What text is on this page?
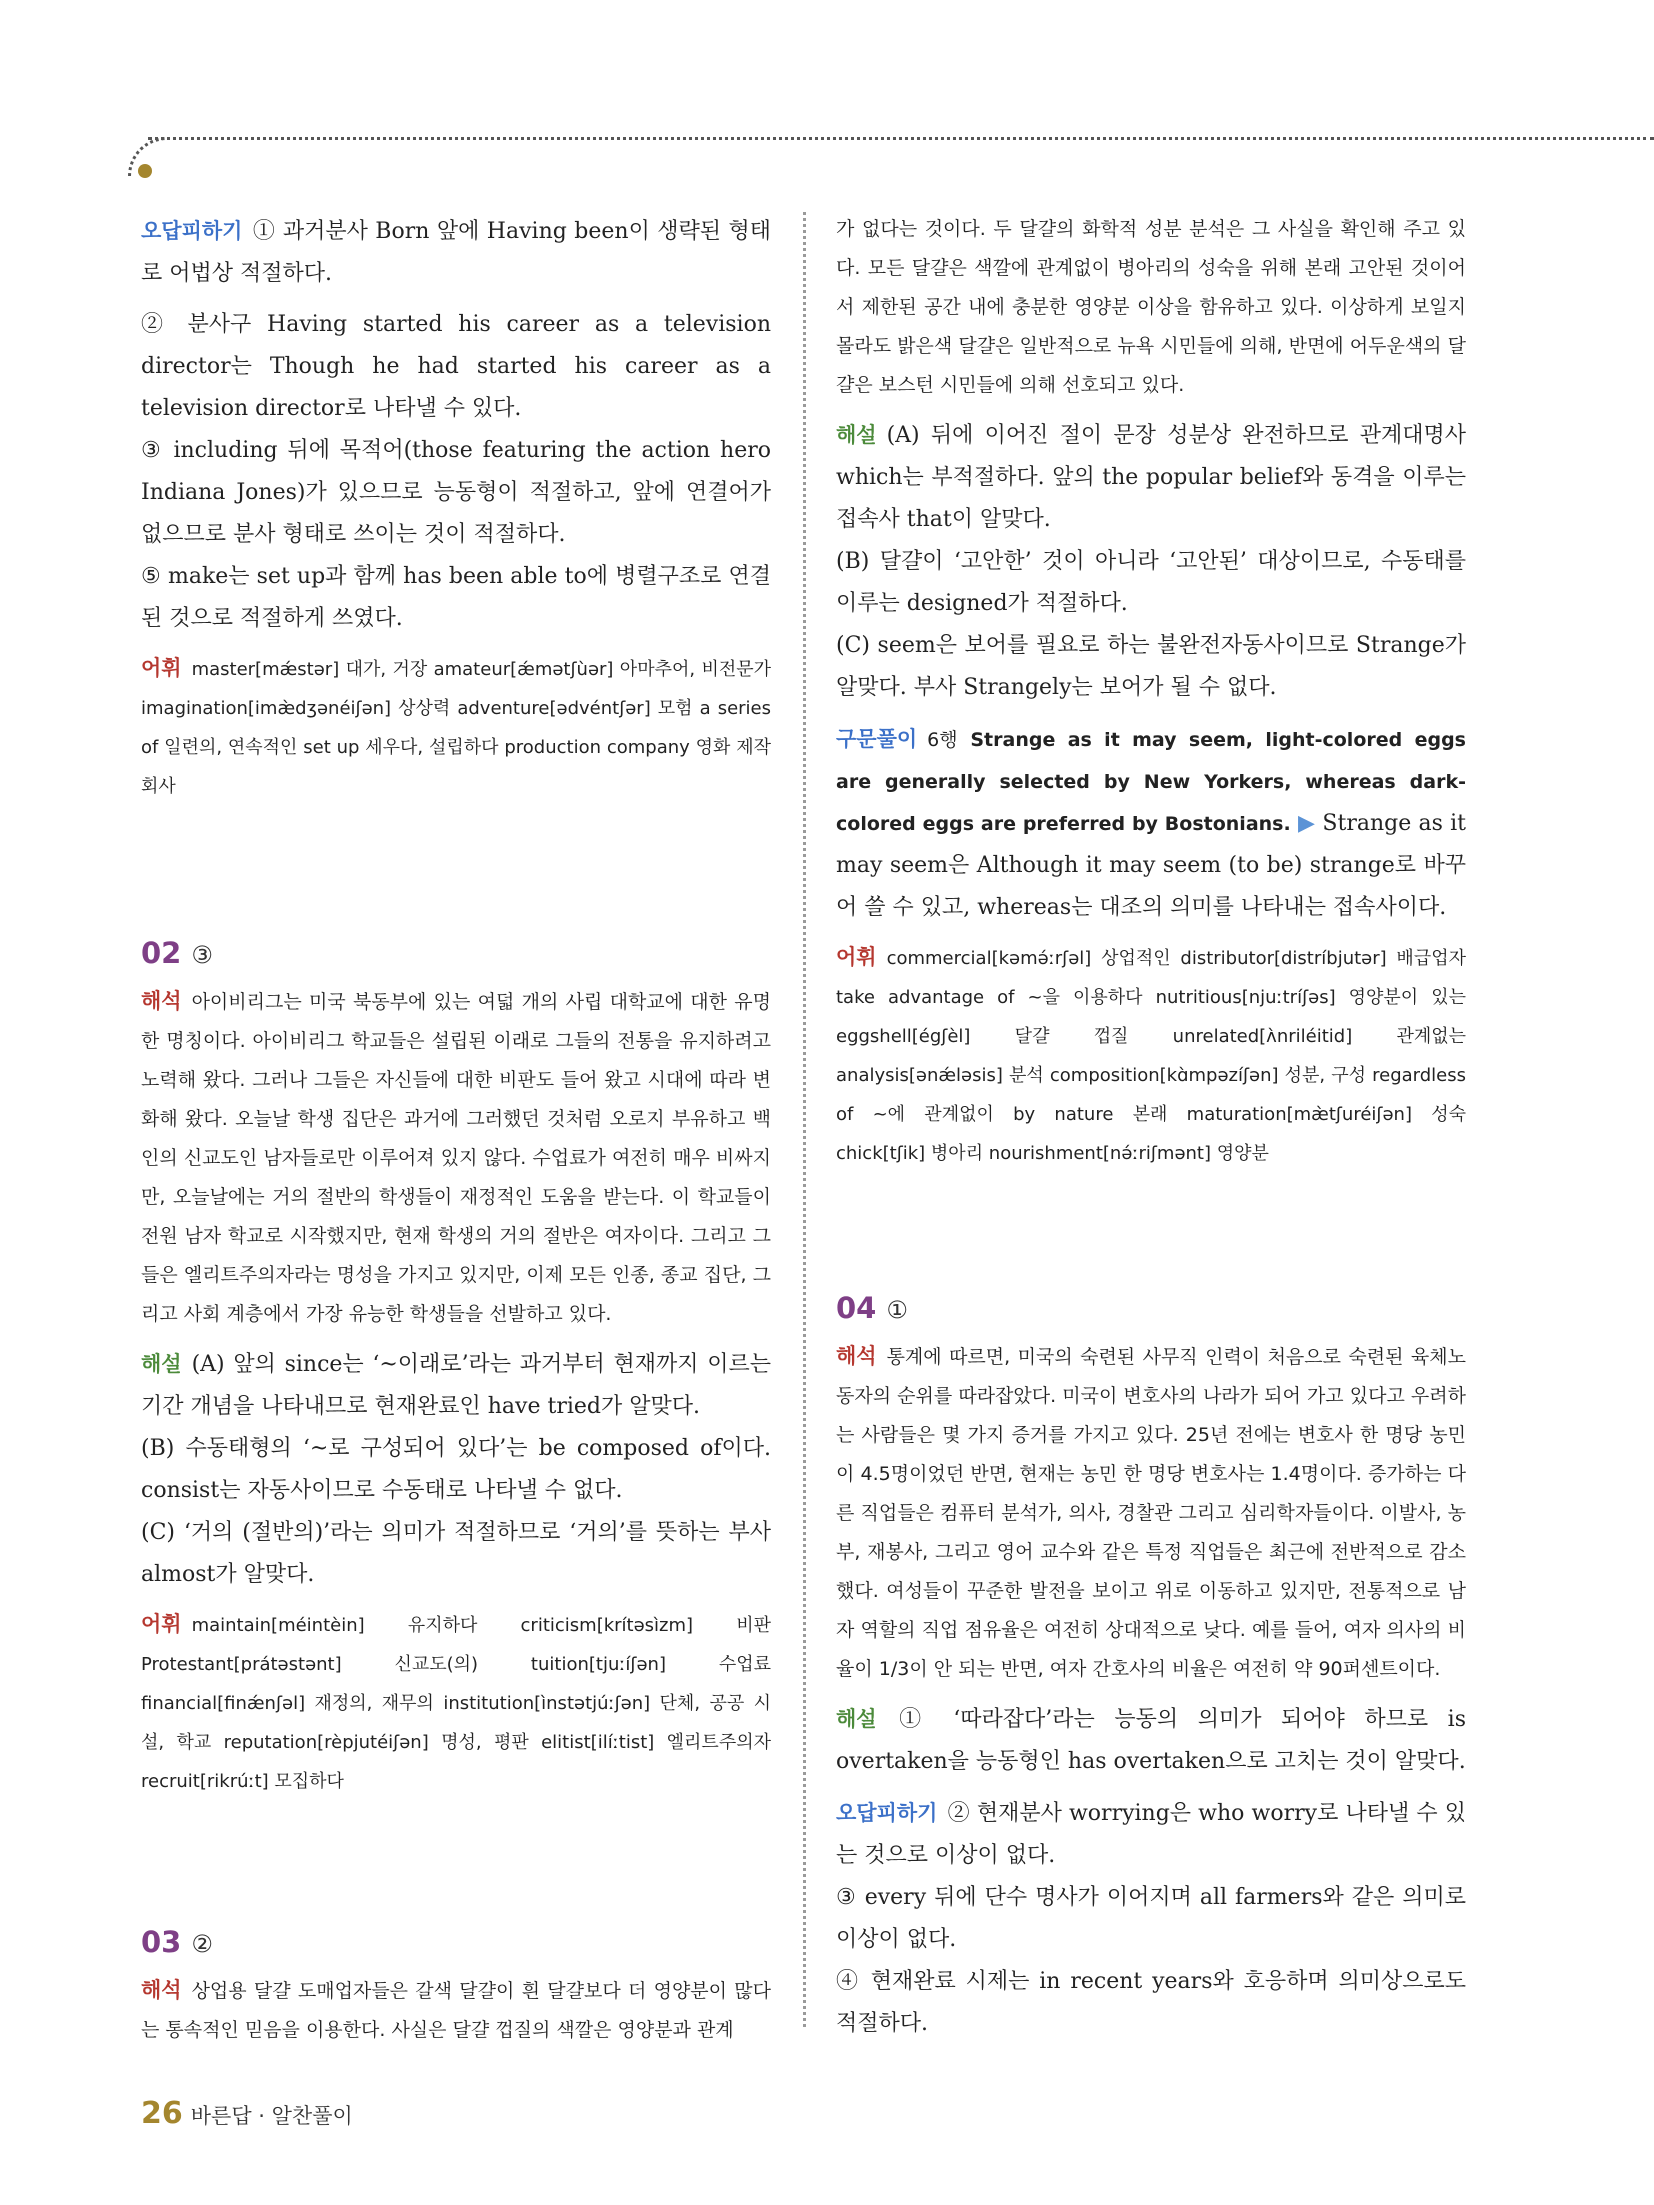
오답피하기 ① 과거분사 Born 앞에 Having been이 생략된 형태로 어법상 적절하다.

② 분사구 Having started his career as a television director는 Though he had started his career as a television director로 나타낼 수 있다.

③ including 뒤에 목적어(those featuring the action hero Indiana Jones)가 있으므로 능동형이 적절하고, 앞에 연결어가 없으므로 분사 형태로 쓰이는 것이 적절하다.

⑤ make는 set up과 함께 has been able to에 병렬구조로 연결된 것으로 적절하게 쓰였다.

어휘 master[mǽstər] 대가, 거장 amateur[ǽmətʃùər] 아마추어, 비전문가 imagination[imæ̀dʒənéiʃən] 상상력 adventure[ədvéntʃər] 모험 a series of 일련의, 연속적인 set up 세우다, 설립하다 production company 영화 제작 회사

02 ③

해석 아이비리그는 미국 북동부에 있는 여덟 개의 사립 대학교에 대한 유명한 명칭이다. 아이비리그 학교들은 설립된 이래로 그들의 전통을 유지하려고 노력해 왔다. 그러나 그들은 자신들에 대한 비판도 들어 왔고 시대에 따라 변화해 왔다. 오늘날 학생 집단은 과거에 그러했던 것처럼 오로지 부유하고 백인의 신교도인 남자들로만 이루어져 있지 않다. 수업료가 여전히 매우 비싸지만, 오늘날에는 거의 절반의 학생들이 재정적인 도움을 받는다. 이 학교들이 전원 남자 학교로 시작했지만, 현재 학생의 거의 절반은 여자이다. 그리고 그들은 엘리트주의자라는 명성을 가지고 있지만, 이제 모든 인종, 종교 집단, 그리고 사회 계층에서 가장 유능한 학생들을 선발하고 있다.

해설 (A) 앞의 since는 ‘~이래로’라는 과거부터 현재까지 이르는 기간 개념을 나타내므로 현재완료인 have tried가 알맞다.

(B) 수동태형의 ‘~로 구성되어 있다’는 be composed of이다. consist는 자동사이므로 수동태로 나타낼 수 없다.

(C) ‘거의 (절반의)’라는 의미가 적절하므로 ‘거의’를 뜻하는 부사 almost가 알맞다.

어휘 maintain[méintèin] 유지하다 criticism[krítəsìzm] 비판 Protestant[prátəstənt] 신교도(의) tuition[tjuːíʃən] 수업료 financial[finǽnʃəl] 재정의, 재무의 institution[ìnstətjúːʃən] 단체, 공공 시설, 학교 reputation[rèpjutéiʃən] 명성, 평판 elitist[ilíːtist] 엘리트주의자 recruit[rikrúːt] 모집하다

03 ②

해석 상업용 달걀 도매업자들은 갈색 달걀이 흰 달걀보다 더 영양분이 많다는 통속적인 믿음을 이용한다. 사실은 달걀 껍질의 색깔은 영양분과 관계

가 없다는 것이다. 두 달걀의 화학적 성분 분석은 그 사실을 확인해 주고 있다. 모든 달걀은 색깔에 관계없이 병아리의 성숙을 위해 본래 고안된 것이어서 제한된 공간 내에 충분한 영양분 이상을 함유하고 있다. 이상하게 보일지 몰라도 밝은색 달걀은 일반적으로 뉴욕 시민들에 의해, 반면에 어두운색의 달걀은 보스턴 시민들에 의해 선호되고 있다.

해설 (A) 뒤에 이어진 절이 문장 성분상 완전하므로 관계대명사 which는 부적절하다. 앞의 the popular belief와 동격을 이루는 접속사 that이 알맞다.

(B) 달걀이 ‘고안한’ 것이 아니라 ‘고안된’ 대상이므로, 수동태를 이루는 designed가 적절하다.

(C) seem은 보어를 필요로 하는 불완전자동사이므로 Strange가 알맞다. 부사 Strangely는 보어가 될 수 없다.

구문풀이 6행 Strange as it may seem, light-colored eggs are generally selected by New Yorkers, whereas dark-colored eggs are preferred by Bostonians. ▶ Strange as it may seem은 Although it may seem (to be) strange로 바꾸어 쓸 수 있고, whereas는 대조의 의미를 나타내는 접속사이다.

어휘 commercial[kəmə́ːrʃəl] 상업적인 distributor[distríbjutər] 배급업자 take advantage of ~을 이용하다 nutritious[njuːtríʃəs] 영양분이 있는 eggshell[égʃèl] 달걀 껍질 unrelated[ʌ̀nriléitid] 관계없는 analysis[ənǽləsis] 분석 composition[kɑ̀mpəzíʃən] 성분, 구성 regardless of ~에 관계없이 by nature 본래 maturation[mæ̀tʃuréiʃən] 성숙 chick[tʃik] 병아리 nourishment[nə́ːriʃmənt] 영양분

04 ①

해석 통계에 따르면, 미국의 숙련된 사무직 인력이 처음으로 숙련된 육체노동자의 순위를 따라잡았다. 미국이 변호사의 나라가 되어 가고 있다고 우려하는 사람들은 몇 가지 증거를 가지고 있다. 25년 전에는 변호사 한 명당 농민이 4.5명이었던 반면, 현재는 농민 한 명당 변호사는 1.4명이다. 증가하는 다른 직업들은 컴퓨터 분석가, 의사, 경찰관 그리고 심리학자들이다. 이발사, 농부, 재봉사, 그리고 영어 교수와 같은 특정 직업들은 최근에 전반적으로 감소했다. 여성들이 꾸준한 발전을 보이고 위로 이동하고 있지만, 전통적으로 남자 역할의 직업 점유율은 여전히 상대적으로 낮다. 예를 들어, 여자 의사의 비율이 1/3이 안 되는 반면, 여자 간호사의 비율은 여전히 약 90퍼센트이다.

해설 ① ‘따라잡다’라는 능동의 의미가 되어야 하므로 is overtaken을 능동형인 has overtaken으로 고치는 것이 알맞다.

오답피하기 ② 현재분사 worrying은 who worry로 나타낼 수 있는 것으로 이상이 없다.

③ every 뒤에 단수 명사가 이어지며 all farmers와 같은 의미로 이상이 없다.

④ 현재완료 시제는 in recent years와 호응하며 의미상으로도 적절하다.

26 바른답 · 알찬풀이
